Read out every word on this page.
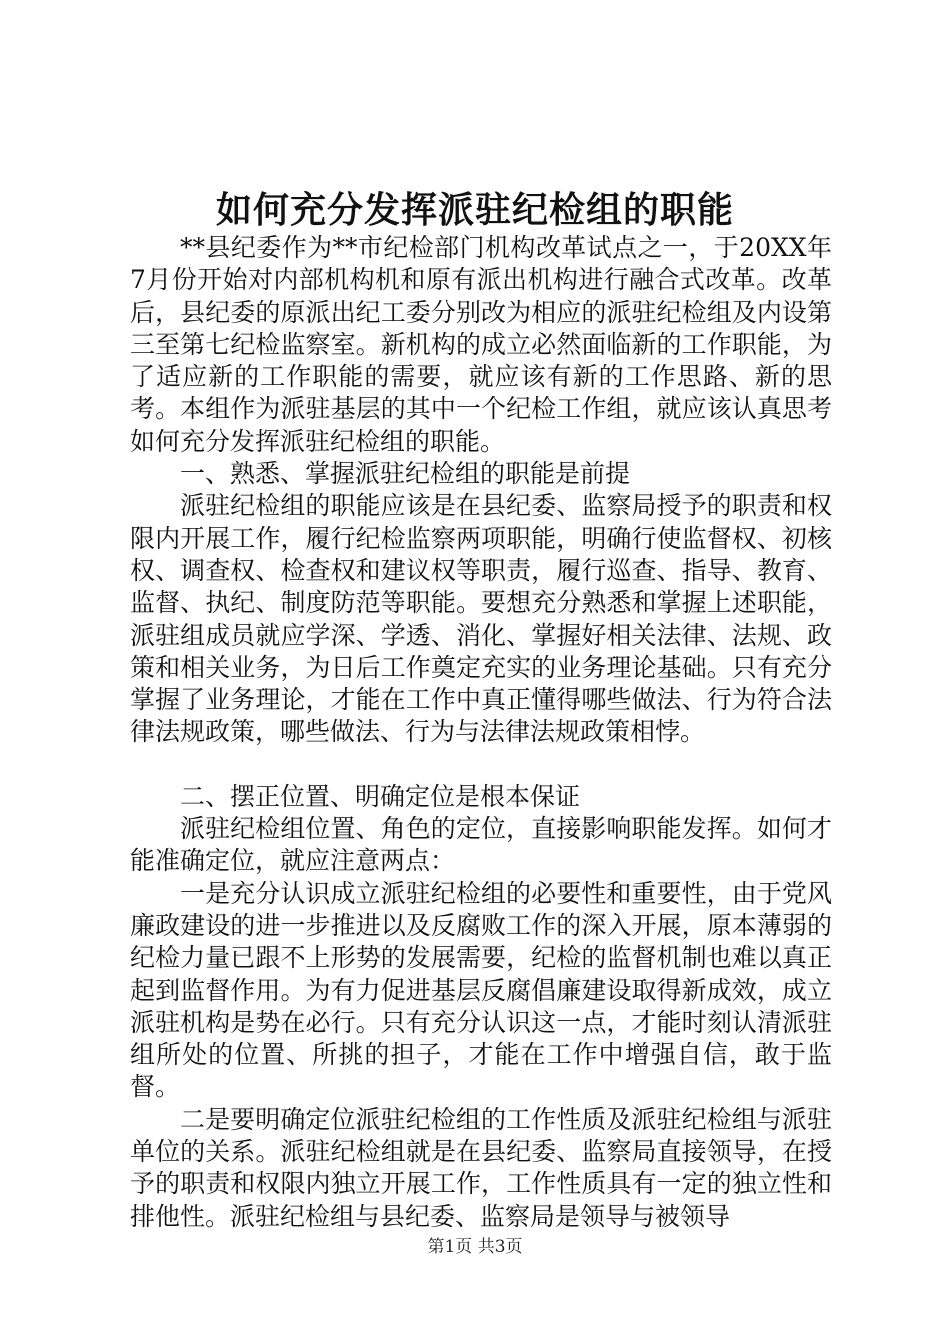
如何充分发挥派驻纪检组的职能

**县纪委作为**市纪检部门机构改革试点之一，于20XX年7月份开始对内部机构机和原有派出机构进行融合式改革。改革后，县纪委的原派出纪工委分别改为相应的派驻纪检组及内设第三至第七纪检监察室。新机构的成立必然面临新的工作职能，为了适应新的工作职能的需要，就应该有新的工作思路、新的思考。本组作为派驻基层的其中一个纪检工作组，就应该认真思考如何充分发挥派驻纪检组的职能。

一、熟悉、掌握派驻纪检组的职能是前提

派驻纪检组的职能应该是在县纪委、监察局授予的职责和权限内开展工作，履行纪检监察两项职能，明确行使监督权、初核权、调查权、检查权和建议权等职责，履行巡查、指导、教育、监督、执纪、制度防范等职能。要想充分熟悉和掌握上述职能，派驻组成员就应学深、学透、消化、掌握好相关法律、法规、政策和相关业务，为日后工作奠定充实的业务理论基础。只有充分掌握了业务理论，才能在工作中真正懂得哪些做法、行为符合法律法规政策，哪些做法、行为与法律法规政策相悖。

二、摆正位置、明确定位是根本保证

派驻纪检组位置、角色的定位，直接影响职能发挥。如何才能准确定位，就应注意两点：

一是充分认识成立派驻纪检组的必要性和重要性，由于党风廉政建设的进一步推进以及反腐败工作的深入开展，原本薄弱的纪检力量已跟不上形势的发展需要，纪检的监督机制也难以真正起到监督作用。为有力促进基层反腐倡廉建设取得新成效，成立派驻机构是势在必行。只有充分认识这一点，才能时刻认清派驻组所处的位置、所挑的担子，才能在工作中增强自信，敢于监督。

二是要明确定位派驻纪检组的工作性质及派驻纪检组与派驻单位的关系。派驻纪检组就是在县纪委、监察局直接领导，在授予的职责和权限内独立开展工作，工作性质具有一定的独立性和排他性。派驻纪检组与县纪委、监察局是领导与被领导

第1页 共3页
